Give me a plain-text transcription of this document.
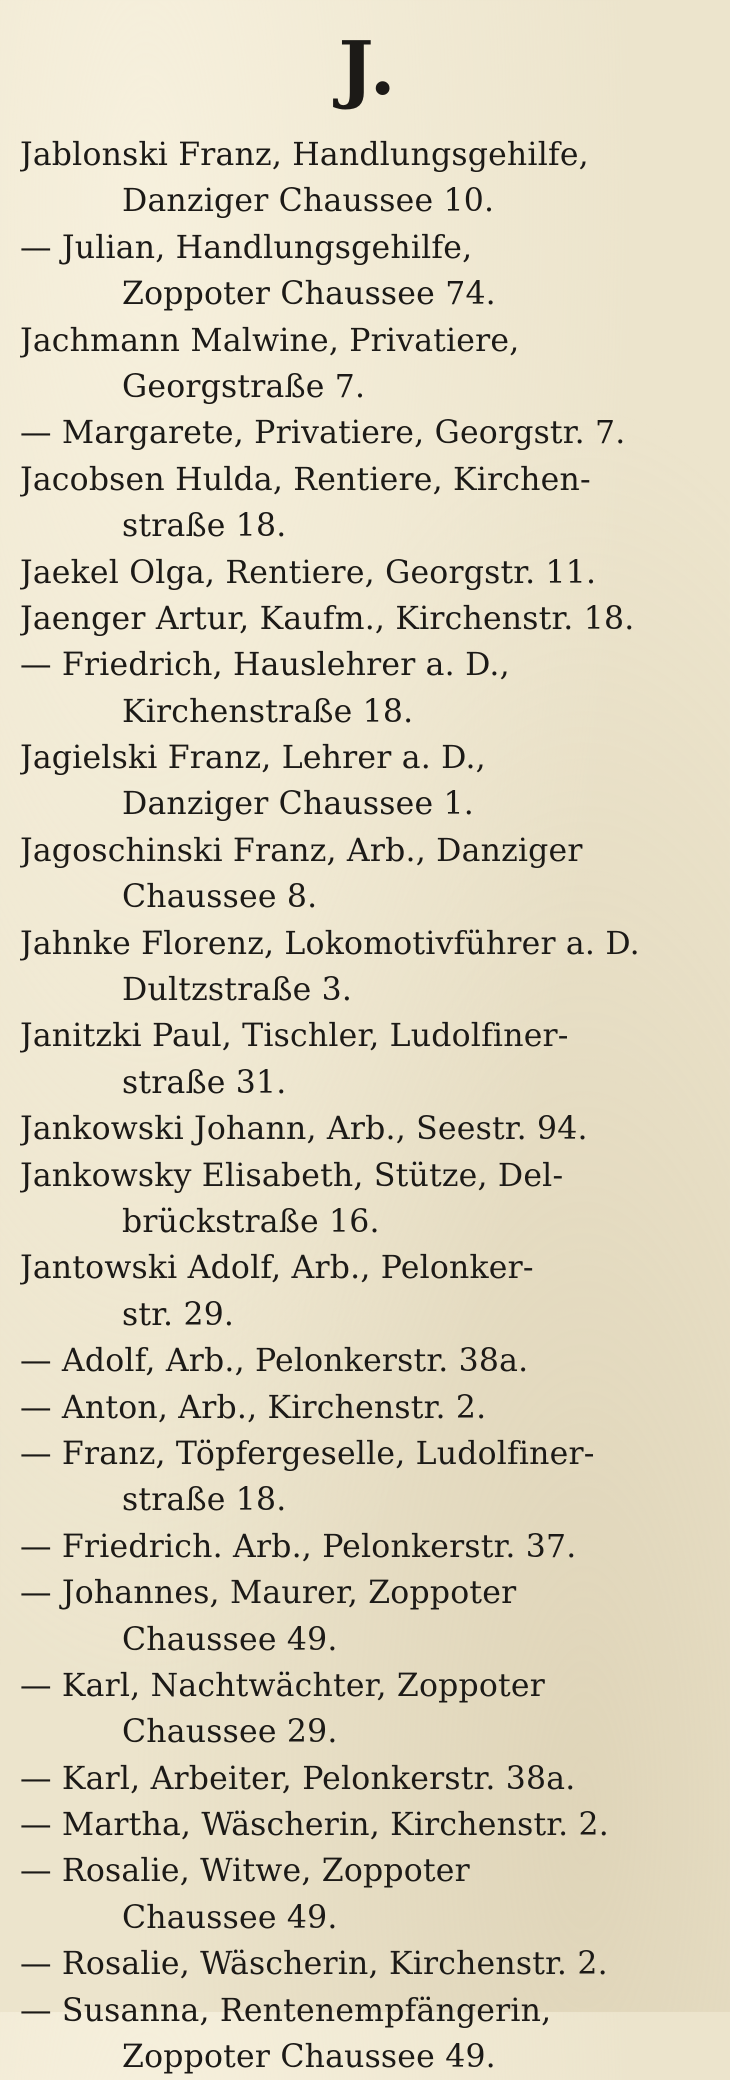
J.
Jablonski Franz, Handlungsgehilfe,
Danziger Chaussee 10.
— Julian, Handlungsgehilfe,
Zoppoter Chaussee 74.
Jachmann Malwine, Privatiere,
Georgstraße 7.
— Margarete, Privatiere, Georgstr. 7.
Jacobsen Hulda, Rentiere, Kirchen-
straße 18.
Jaekel Olga, Rentiere, Georgstr. 11.
Jaenger Artur, Kaufm., Kirchenstr. 18.
— Friedrich, Hauslehrer a. D.,
Kirchenstraße 18.
Jagielski Franz, Lehrer a. D.,
Danziger Chaussee 1.
Jagoschinski Franz, Arb., Danziger
Chaussee 8.
Jahnke Florenz, Lokomotivführer a. D.
Dultzstraße 3.
Janitzki Paul, Tischler, Ludolfiner-
straße 31.
Jankowski Johann, Arb., Seestr. 94.
Jankowsky Elisabeth, Stütze, Del-
brückstraße 16.
Jantowski Adolf, Arb., Pelonker-
str. 29.
— Adolf, Arb., Pelonkerstr. 38a.
— Anton, Arb., Kirchenstr. 2.
— Franz, Töpfergeselle, Ludolfiner-
straße 18.
— Friedrich. Arb., Pelonkerstr. 37.
— Johannes, Maurer, Zoppoter
Chaussee 49.
— Karl, Nachtwächter, Zoppoter
Chaussee 29.
— Karl, Arbeiter, Pelonkerstr. 38a.
— Martha, Wäscherin, Kirchenstr. 2.
— Rosalie, Witwe, Zoppoter
Chaussee 49.
— Rosalie, Wäscherin, Kirchenstr. 2.
— Susanna, Rentenempfängerin,
Zoppoter Chaussee 49.
